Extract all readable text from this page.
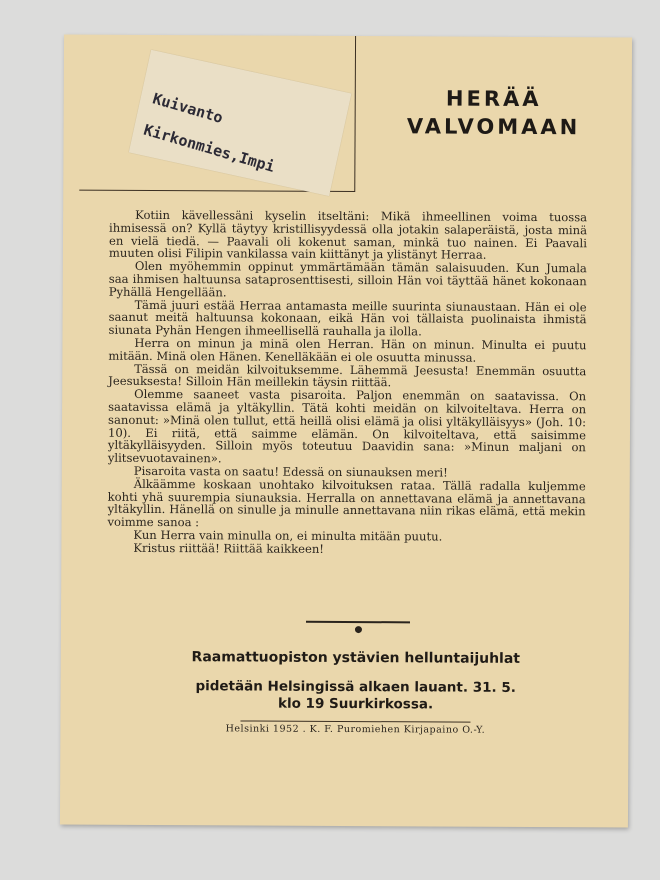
Kuivanto
Kirkonmies,Impi
HERÄÄ
VALVOMAAN

Kotiin kävellessäni kyselin itseltäni: Mikä ihmeellinen voima tuossa ihmisessä on? Kyllä täytyy kristillisyydessä olla jotakin salaperäistä, josta minä en vielä tiedä. — Paavali oli kokenut saman, minkä tuo nainen. Ei Paavali muuten olisi Filipin vankilassa vain kiittänyt ja ylistänyt Herraa.

Olen myöhemmin oppinut ymmärtämään tämän salaisuuden. Kun Jumala saa ihmisen haltuunsa sataprosenttisesti, silloin Hän voi täyttää hänet kokonaan Pyhällä Hengellään.

Tämä juuri estää Herraa antamasta meille suurinta siunaustaan. Hän ei ole saanut meitä haltuunsa kokonaan, eikä Hän voi tällaista puolinaista ihmistä siunata Pyhän Hengen ihmeellisellä rauhalla ja ilolla.

Herra on minun ja minä olen Herran. Hän on minun. Minulta ei puutu mitään. Minä olen Hänen. Kenelläkään ei ole osuutta minussa.

Tässä on meidän kilvoituksemme. Lähemmä Jeesusta! Enemmän osuutta Jeesuksesta! Silloin Hän meillekin täysin riittää.

Olemme saaneet vasta pisaroita. Paljon enemmän on saatavissa. On saatavissa elämä ja yltäkyllin. Tätä kohti meidän on kilvoiteltava. Herra on sanonut: »Minä olen tullut, että heillä olisi elämä ja olisi yltäkylläisyys» (Joh. 10: 10). Ei riitä, että saimme elämän. On kilvoiteltava, että saisimme yltäkylläisyyden. Silloin myös toteutuu Daavidin sana: »Minun maljani on ylitsevuotavainen».

Pisaroita vasta on saatu! Edessä on siunauksen meri!

Älkäämme koskaan unohtako kilvoituksen rataa. Tällä radalla kuljemme kohti yhä suurempia siunauksia. Herralla on annettavana elämä ja annettavana yltäkyllin. Hänellä on sinulle ja minulle annettavana niin rikas elämä, että mekin voimme sanoa :

Kun Herra vain minulla on, ei minulta mitään puutu.

Kristus riittää! Riittää kaikkeen!

Raamattuopiston ystävien helluntaijuhlat
pidetään Helsingissä alkaen lauant. 31. 5.
klo 19 Suurkirkossa.
Helsinki 1952 . K. F. Puromiehen Kirjapaino O.-Y.
